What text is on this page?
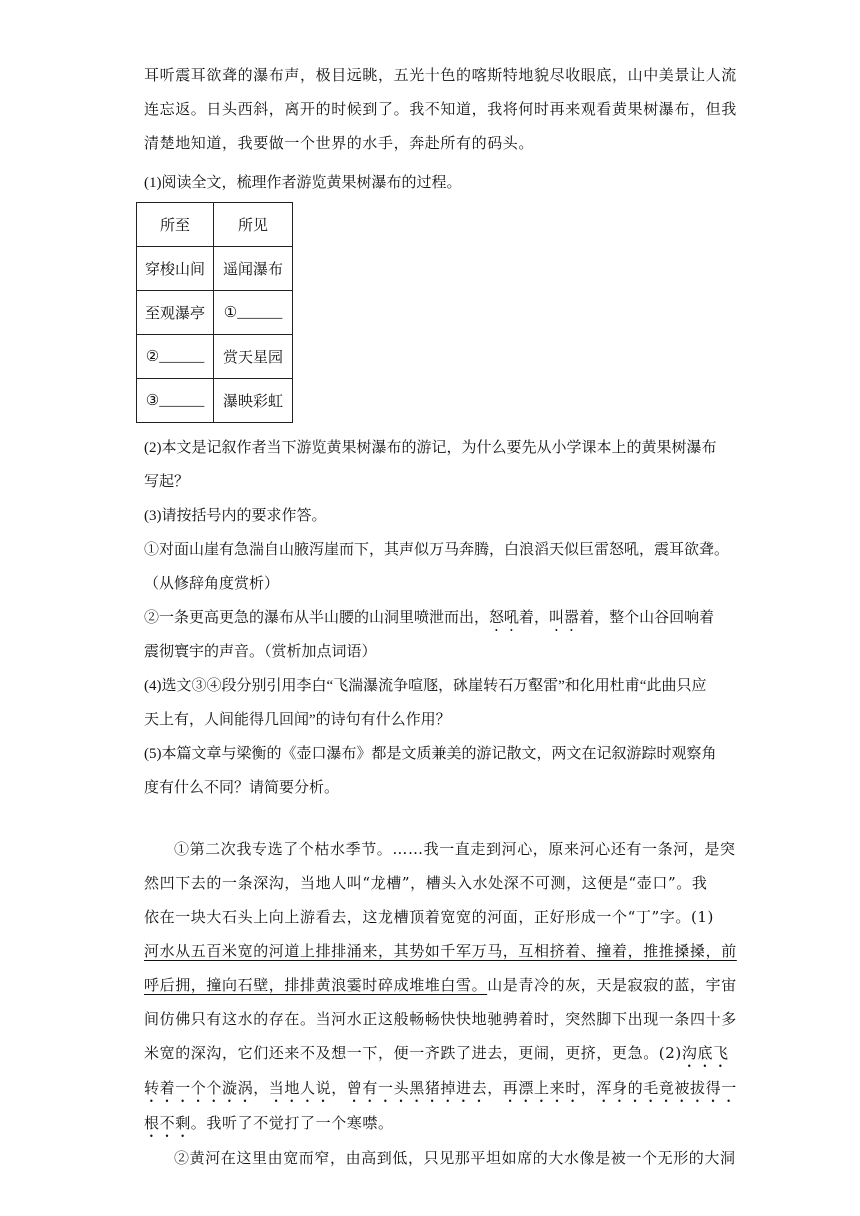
耳听震耳欲聋的瀑布声，极目远眺，五光十色的喀斯特地貌尽收眼底，山中美景让人流
连忘返。日头西斜，离开的时候到了。我不知道，我将何时再来观看黄果树瀑布，但我
清楚地知道，我要做一个世界的水手，奔赴所有的码头。
(1)阅读全文，梳理作者游览黄果树瀑布的过程。
所至	所见
穿梭山间	遥闻瀑布
至观瀑亭	①______
②______	赏天星园
③______	瀑映彩虹
(2)本文是记叙作者当下游览黄果树瀑布的游记，为什么要先从小学课本上的黄果树瀑布
写起？
(3)请按括号内的要求作答。
①对面山崖有急湍自山腋泻崖而下，其声似万马奔腾，白浪滔天似巨雷怒吼，震耳欲聋。
（从修辞角度赏析）
②一条更高更急的瀑布从半山腰的山洞里喷泄而出，怒吼着，叫嚣着，整个山谷回响着
震彻寰宇的声音。（赏析加点词语）
(4)选文③④段分别引用李白“飞湍瀑流争喧豗，砯崖转石万壑雷”和化用杜甫“此曲只应
天上有，人间能得几回闻”的诗句有什么作用？
(5)本篇文章与梁衡的《壶口瀑布》都是文质兼美的游记散文，两文在记叙游踪时观察角
度有什么不同？请简要分析。
①第二次我专选了个枯水季节。……我一直走到河心，原来河心还有一条河，是突
然凹下去的一条深沟，当地人叫“龙槽”，槽头入水处深不可测，这便是“壶口”。我
依在一块大石头上向上游看去，这龙槽顶着宽宽的河面，正好形成一个“丁”字。(1)
河水从五百米宽的河道上排排涌来，其势如千军万马，互相挤着、撞着，推推搡搡，前
呼后拥，撞向石壁，排排黄浪霎时碎成堆堆白雪。山是青冷的灰，天是寂寂的蓝，宇宙
间仿佛只有这水的存在。当河水正这般畅畅快快地驰骋着时，突然脚下出现一条四十多
米宽的深沟，它们还来不及想一下，便一齐跌了进去，更闹，更挤，更急。(2)沟底飞
转着一个个漩涡，当地人说，曾有一头黑猪掉进去，再漂上来时，浑身的毛竟被拔得一
根不剩。我听了不觉打了一个寒噤。
②黄河在这里由宽而窄，由高到低，只见那平坦如席的大水像是被一个无形的大洞
